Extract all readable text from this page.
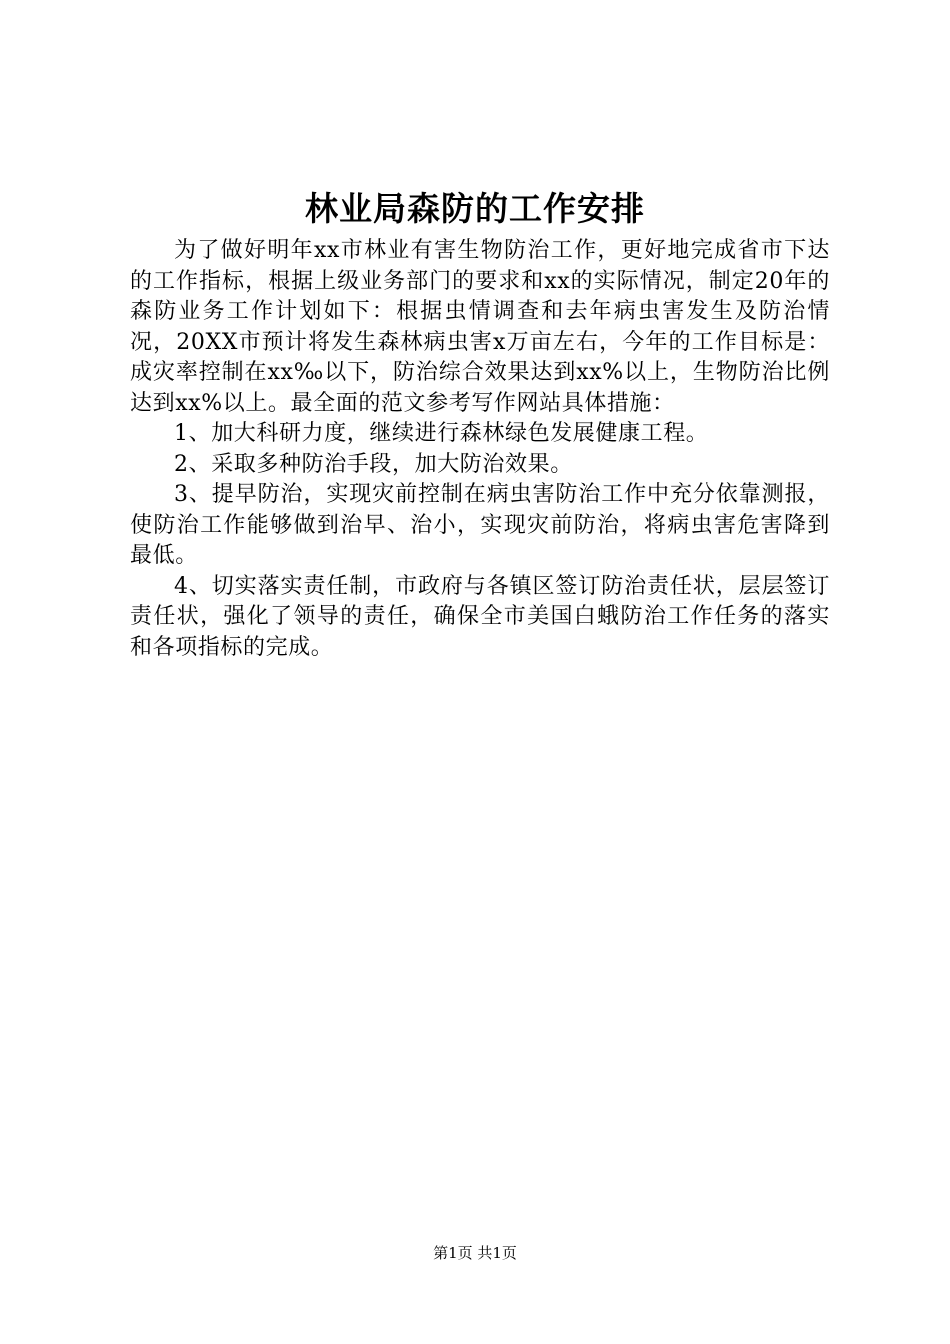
林业局森防的工作安排

为了做好明年xx市林业有害生物防治工作，更好地完成省市下达的工作指标，根据上级业务部门的要求和xx的实际情况，制定20年的森防业务工作计划如下：根据虫情调查和去年病虫害发生及防治情况，20XX市预计将发生森林病虫害x万亩左右，今年的工作目标是：成灾率控制在xx‰以下，防治综合效果达到xx%以上，生物防治比例达到xx%以上。最全面的范文参考写作网站具体措施：

1、加大科研力度，继续进行森林绿色发展健康工程。

2、采取多种防治手段，加大防治效果。

3、提早防治，实现灾前控制在病虫害防治工作中充分依靠测报，使防治工作能够做到治早、治小，实现灾前防治，将病虫害危害降到最低。

4、切实落实责任制，市政府与各镇区签订防治责任状，层层签订责任状，强化了领导的责任，确保全市美国白蛾防治工作任务的落实和各项指标的完成。

第1页 共1页
